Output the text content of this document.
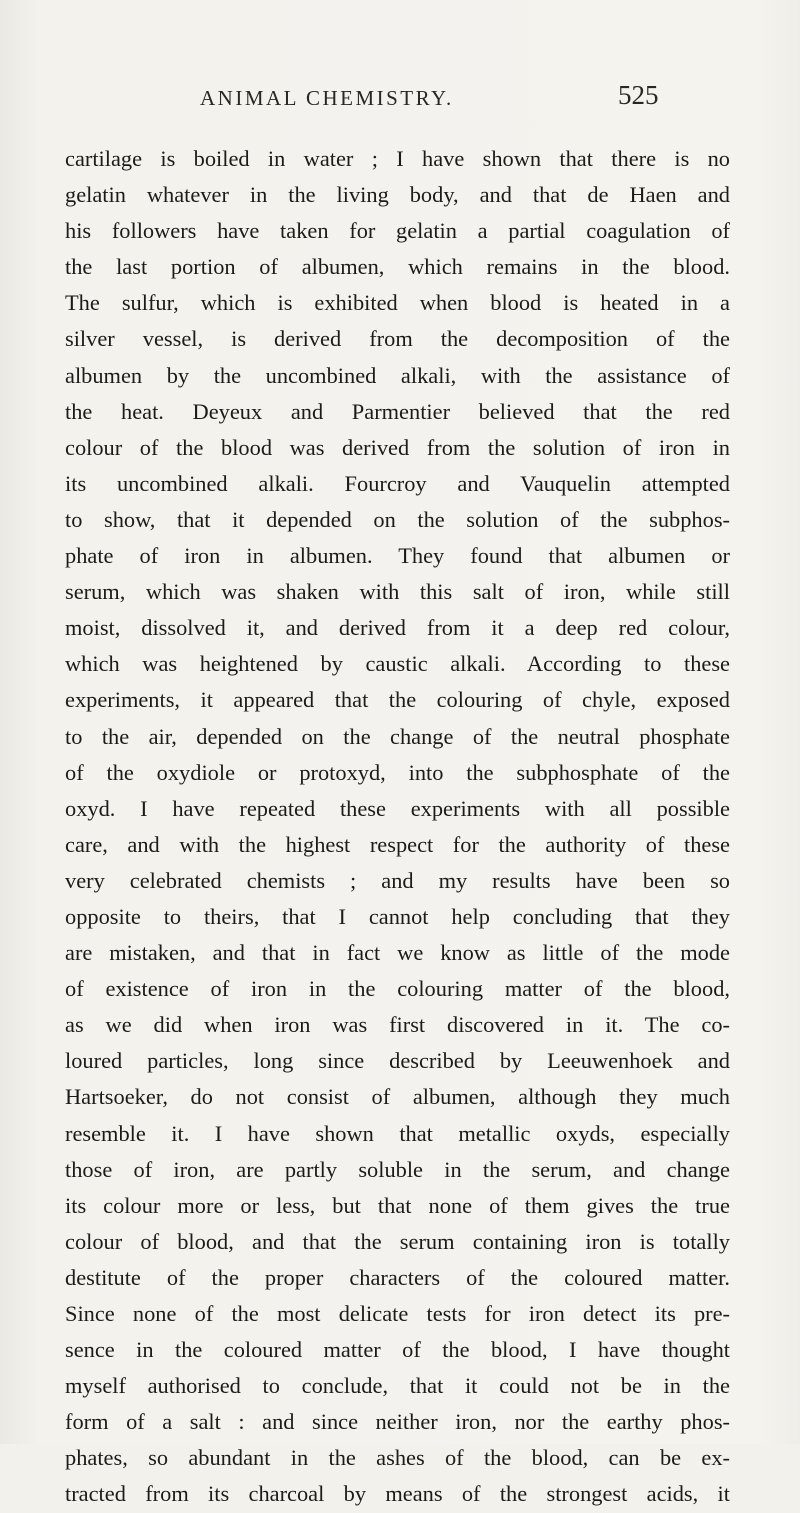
ANIMAL CHEMISTRY.	525
cartilage is boiled in water ; I have shown that there is no
gelatin whatever in the living body, and that de Haen and
his followers have taken for gelatin a partial coagulation of
the last portion of albumen, which remains in the blood.
The sulfur, which is exhibited when blood is heated in a
silver vessel, is derived from the decomposition of the
albumen by the uncombined alkali, with the assistance of
the heat. Deyeux and Parmentier believed that the red
colour of the blood was derived from the solution of iron in
its uncombined alkali. Fourcroy and Vauquelin attempted
to show, that it depended on the solution of the subphos-
phate of iron in albumen. They found that albumen or
serum, which was shaken with this salt of iron, while still
moist, dissolved it, and derived from it a deep red colour,
which was heightened by caustic alkali. According to these
experiments, it appeared that the colouring of chyle, exposed
to the air, depended on the change of the neutral phosphate
of the oxydiole or protoxyd, into the subphosphate of the
oxyd. I have repeated these experiments with all possible
care, and with the highest respect for the authority of these
very celebrated chemists ; and my results have been so
opposite to theirs, that I cannot help concluding that they
are mistaken, and that in fact we know as little of the mode
of existence of iron in the colouring matter of the blood,
as we did when iron was first discovered in it. The co-
loured particles, long since described by Leeuwenhoek and
Hartsoeker, do not consist of albumen, although they much
resemble it. I have shown that metallic oxyds, especially
those of iron, are partly soluble in the serum, and change
its colour more or less, but that none of them gives the true
colour of blood, and that the serum containing iron is totally
destitute of the proper characters of the coloured matter.
Since none of the most delicate tests for iron detect its pre-
sence in the coloured matter of the blood, I have thought
myself authorised to conclude, that it could not be in the
form of a salt : and since neither iron, nor the earthy phos-
phates, so abundant in the ashes of the blood, can be ex-
tracted from its charcoal by means of the strongest acids, it
